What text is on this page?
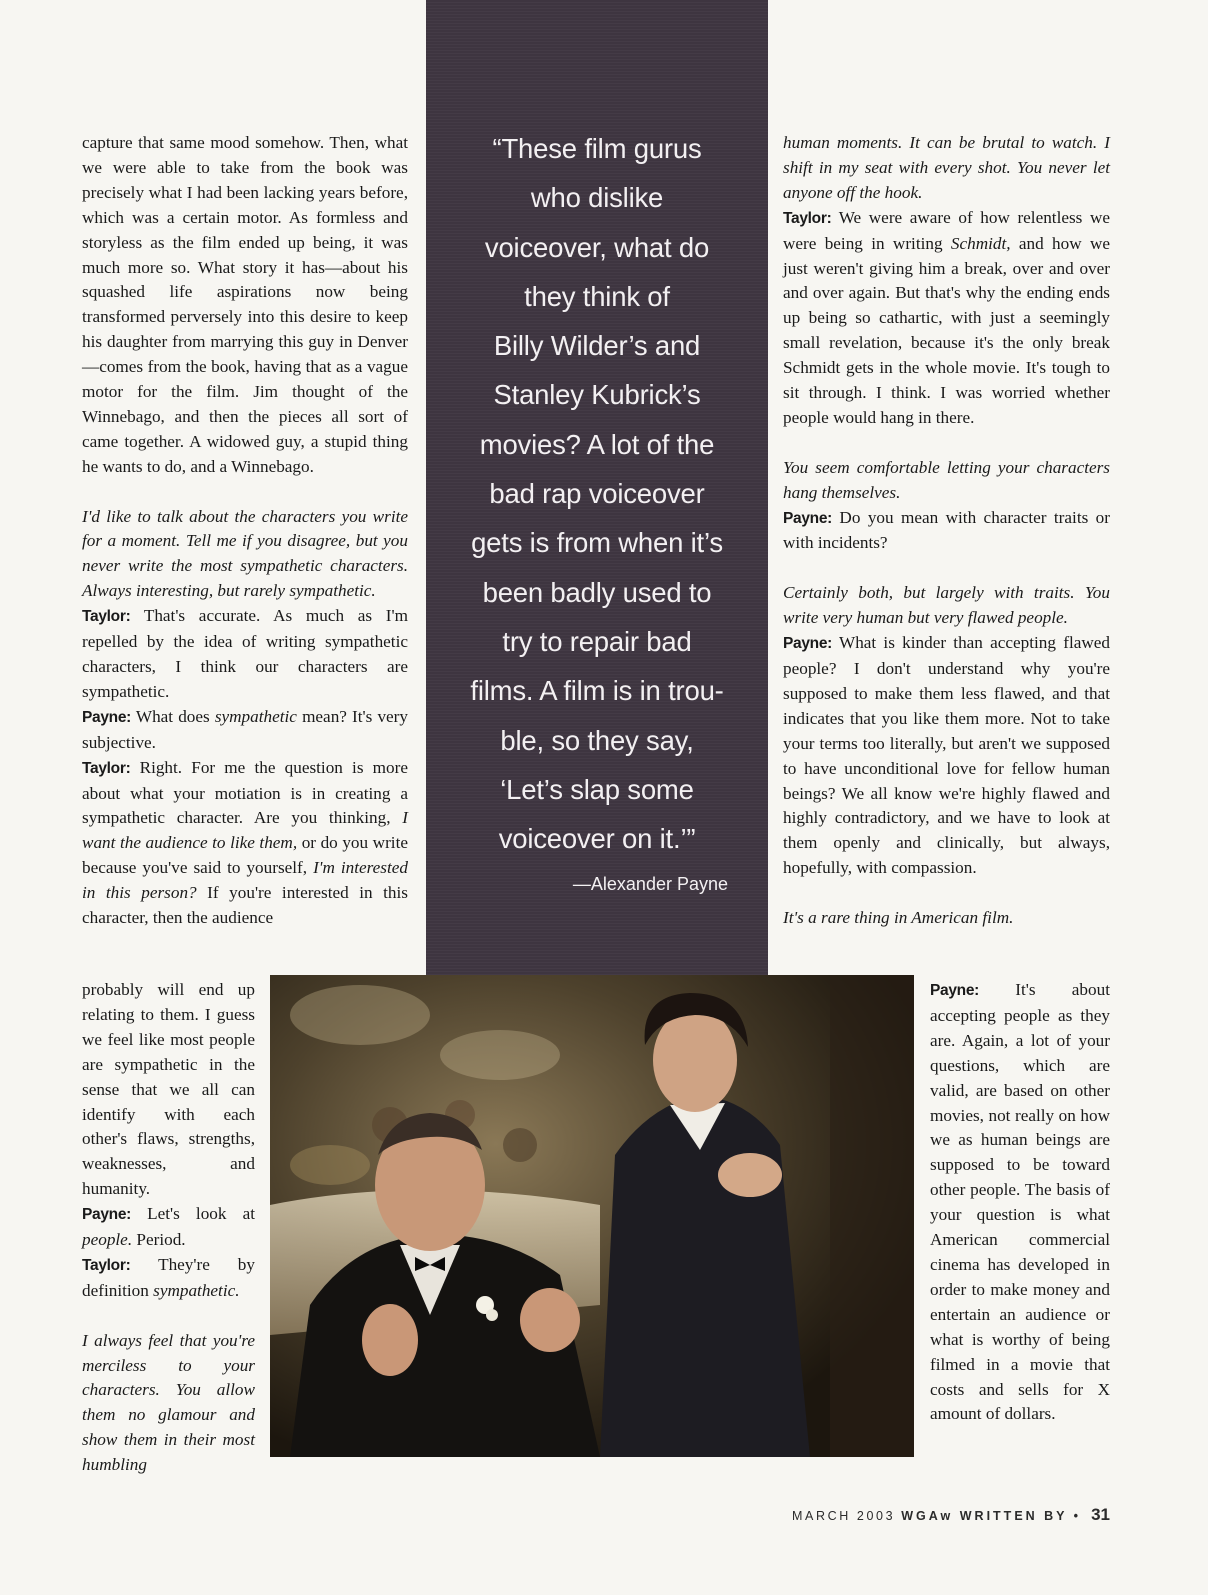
capture that same mood somehow. Then, what we were able to take from the book was precisely what I had been lacking years before, which was a certain motor. As formless and storyless as the film ended up being, it was much more so. What story it has—about his squashed life aspirations now being transformed perversely into this desire to keep his daughter from marrying this guy in Denver—comes from the book, having that as a vague motor for the film. Jim thought of the Winnebago, and then the pieces all sort of came together. A widowed guy, a stupid thing he wants to do, and a Winnebago.

I'd like to talk about the characters you write for a moment. Tell me if you disagree, but you never write the most sympathetic characters. Always interesting, but rarely sympathetic.

Taylor: That's accurate. As much as I'm repelled by the idea of writing sympathetic characters, I think our characters are sympathetic.

Payne: What does sympathetic mean? It's very subjective.

Taylor: Right. For me the question is more about what your motiation is in creating a sympathetic character. Are you thinking, I want the audience to like them, or do you write because you've said to yourself, I'm interested in this person? If you're interested in this character, then the audience

probably will end up relating to them. I guess we feel like most people are sympathetic in the sense that we all can identify with each other's flaws, strengths, weaknesses, and humanity.

Payne: Let's look at people. Period.

Taylor: They're by definition sympathetic.

I always feel that you're merciless to your characters. You allow them no glamour and show them in their most humbling

“These film gurus
who dislike
voiceover, what do
they think of
Billy Wilder’s and
Stanley Kubrick’s
movies? A lot of the
bad rap voiceover
gets is from when it’s
been badly used to
try to repair bad
films. A film is in trou-
ble, so they say,
‘Let’s slap some
voiceover on it.’”
—Alexander Payne

human moments. It can be brutal to watch. I shift in my seat with every shot. You never let anyone off the hook.

Taylor: We were aware of how relentless we were being in writing Schmidt, and how we just weren't giving him a break, over and over and over again. But that's why the ending ends up being so cathartic, with just a seemingly small revelation, because it's the only break Schmidt gets in the whole movie. It's tough to sit through. I think. I was worried whether people would hang in there.

You seem comfortable letting your characters hang themselves.

Payne: Do you mean with character traits or with incidents?

Certainly both, but largely with traits. You write very human but very flawed people.

Payne: What is kinder than accepting flawed people? I don't understand why you're supposed to make them less flawed, and that indicates that you like them more. Not to take your terms too literally, but aren't we supposed to have unconditional love for fellow human beings? We all know we're highly flawed and highly contradictory, and we have to look at them openly and clinically, but always, hopefully, with compassion.

It's a rare thing in American film.

Payne: It's about accepting people as they are. Again, a lot of your questions, which are valid, are based on other movies, not really on how we as human beings are supposed to be toward other people. The basis of your question is what American commercial cinema has developed in order to make money and entertain an audience or what is worthy of being filmed in a movie that costs and sells for X amount of dollars.

MARCH 2003 WGAw WRITTEN BY • 31
